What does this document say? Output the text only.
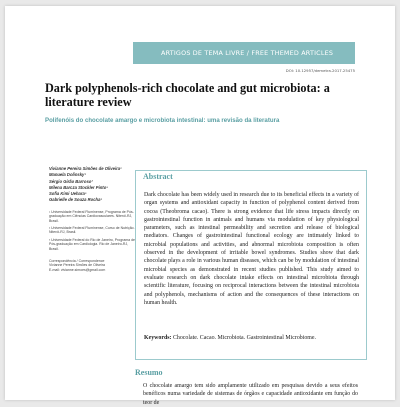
ARTIGOS DE TEMA LIVRE / FREE THEMED ARTICLES
DOI: 10.12957/demetra.2017.25475
Dark polyphenols-rich chocolate and gut microbiota: a literature review
Polifenóis do chocolate amargo e microbiota intestinal: uma revisão da literatura
Vivianne Pereira Simões de Oliveira¹
Manuela Dolinsky¹
Sérgio Girão Barroso²
Milena Barcza Stockler Pinto³
Sofia Kimi Uehara³
Gabrielle de Souza Rocha¹

¹ Universidade Federal Fluminense, Programa de Pós-graduação em Ciências Cardiovasculares. Niterói-RJ, Brasil.

² Universidade Federal Fluminense, Curso de Nutrição. Niterói-RJ, Brasil.

³ Universidade Federal do Rio de Janeiro, Programa de Pós-graduação em Cardiologia. Rio de Janeiro-RJ, Brasil.

Correspondência / Correspondence
Vivianne Pereira Simões de Oliveira
E-mail: vivianne.simoes@gmail.com
Abstract

Dark chocolate has been widely used in research due to its beneficial effects in a variety of organ systems and antioxidant capacity in function of polyphenol content derived from cocoa (Theobroma cacao). There is strong evidence that life stress impacts directly on gastrointestinal function in animals and humans via modulation of key physiological parameters, such as intestinal permeability and secretion and release of biological mediators. Changes of gastrointestinal functional ecology are intimately linked to microbial populations and activities, and abnormal microbiota composition is often observed in the development of irritable bowel syndromes. Studies show that dark chocolate plays a role in various human diseases, which can be by modulation of intestinal microbial species as demonstrated in recent studies published. This study aimed to evaluate research on dark chocolate intake effects on intestinal microbiota through scientific literature, focusing on reciprocal interactions between the intestinal microbiota and polyphenols, mechanisms of action and the consequences of these interactions on human health.

Keywords: Chocolate. Cacao. Microbiota. Gastrointestinal Microbiome.

Resumo

O chocolate amargo tem sido amplamente utilizado em pesquisas devido a seus efeitos benéficos numa variedade de sistemas de órgãos e capacidade antioxidante em função do teor de
